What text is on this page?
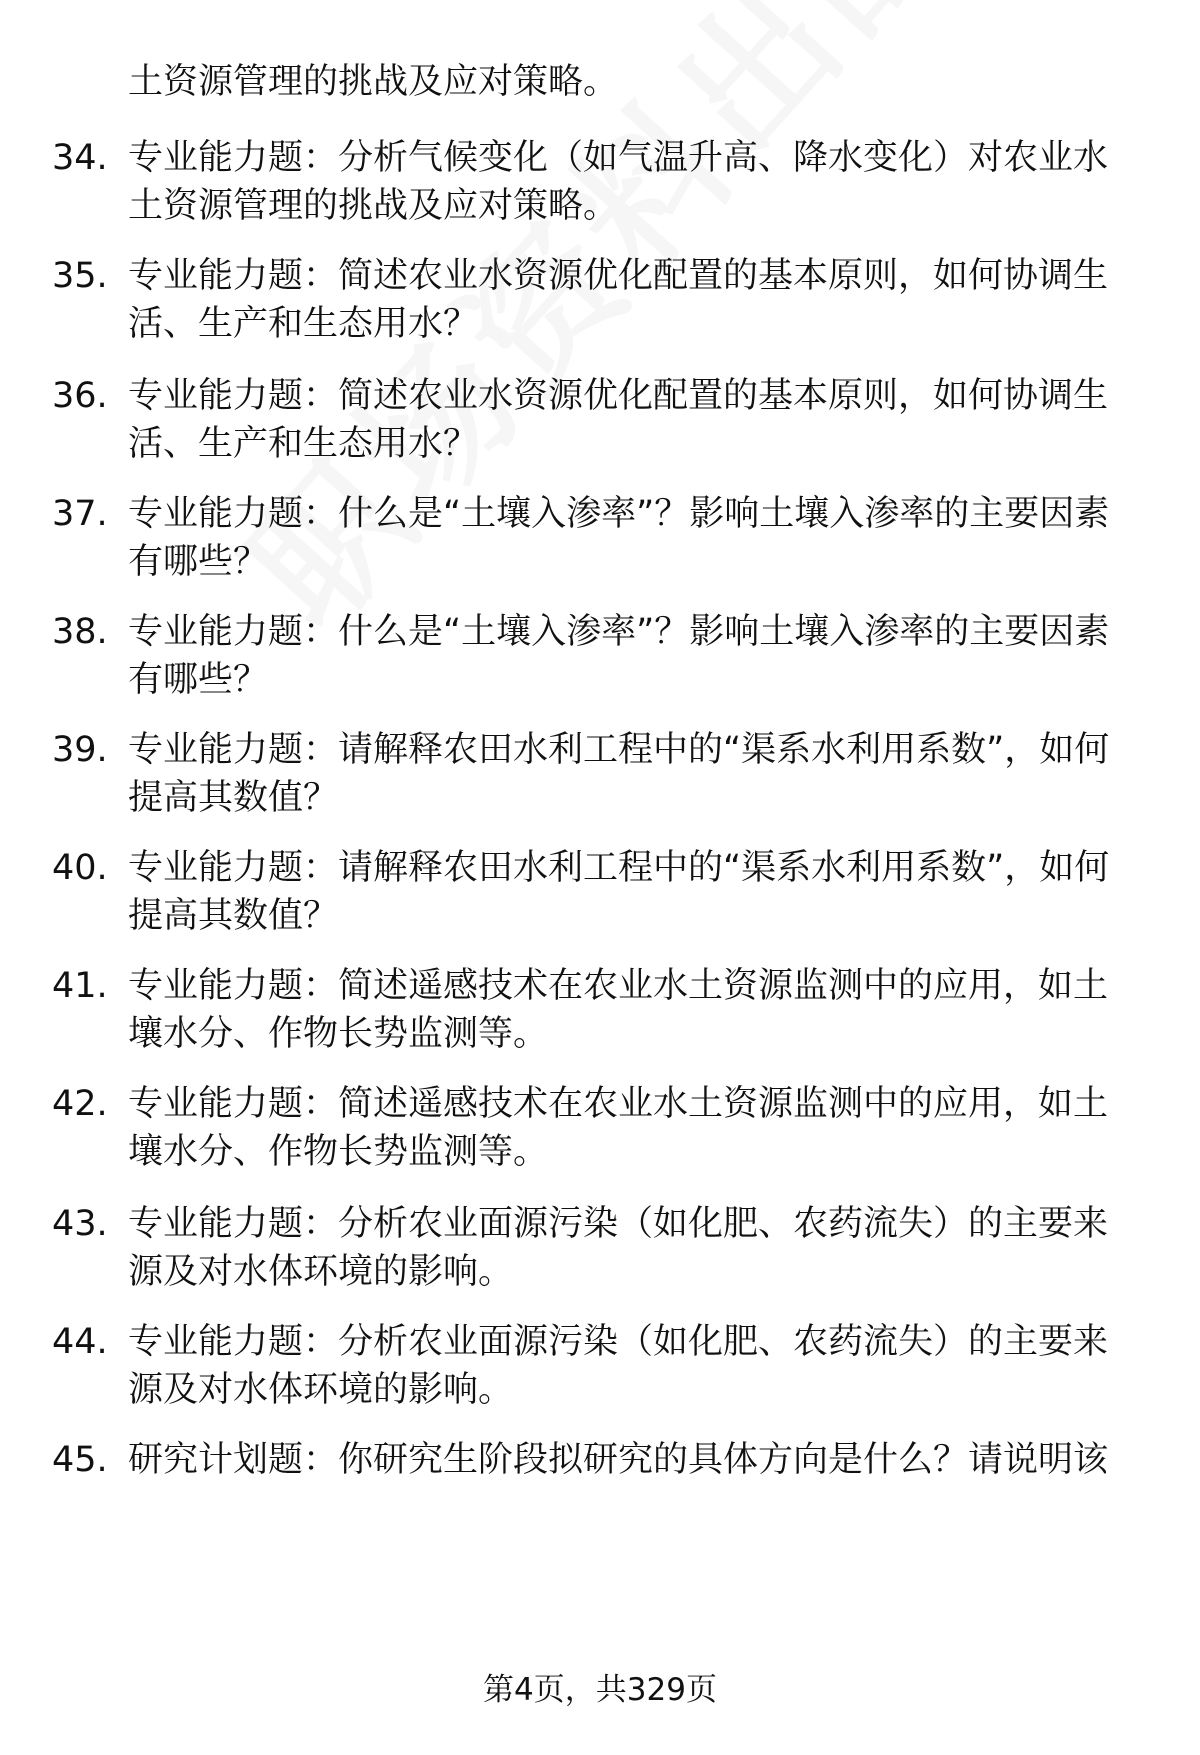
土资源管理的挑战及应对策略。
34. 专业能力题：分析气候变化（如气温升高、降水变化）对农业水土资源管理的挑战及应对策略。
35. 专业能力题：简述农业水资源优化配置的基本原则，如何协调生活、生产和生态用水？
36. 专业能力题：简述农业水资源优化配置的基本原则，如何协调生活、生产和生态用水？
37. 专业能力题：什么是“土壤入渗率”？影响土壤入渗率的主要因素有哪些？
38. 专业能力题：什么是“土壤入渗率”？影响土壤入渗率的主要因素有哪些？
39. 专业能力题：请解释农田水利工程中的“渠系水利用系数”，如何提高其数值？
40. 专业能力题：请解释农田水利工程中的“渠系水利用系数”，如何提高其数值？
41. 专业能力题：简述遥感技术在农业水土资源监测中的应用，如土壤水分、作物长势监测等。
42. 专业能力题：简述遥感技术在农业水土资源监测中的应用，如土壤水分、作物长势监测等。
43. 专业能力题：分析农业面源污染（如化肥、农药流失）的主要来源及对水体环境的影响。
44. 专业能力题：分析农业面源污染（如化肥、农药流失）的主要来源及对水体环境的影响。
45. 研究计划题：你研究生阶段拟研究的具体方向是什么？请说明该
第4页，共329页
